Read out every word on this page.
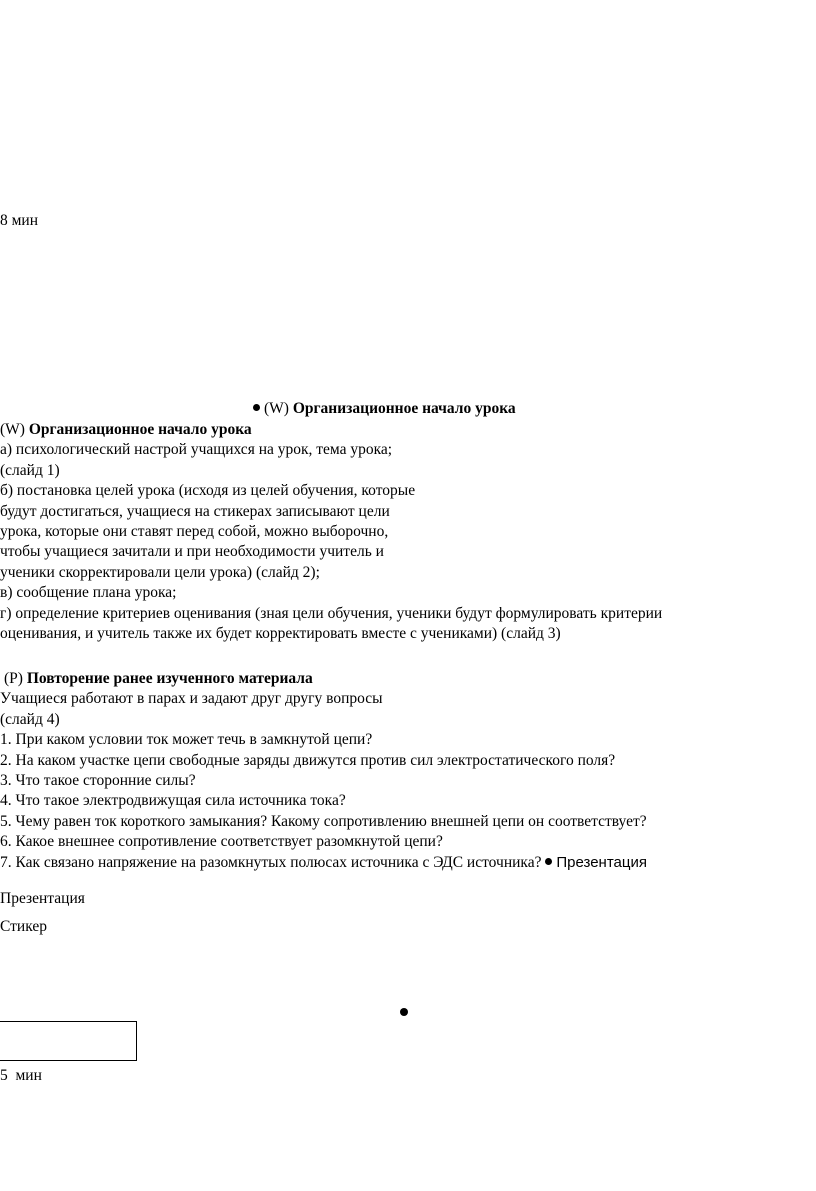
8 мин
(W) Организационное начало урока
(W) Организационное начало урока
а) психологический настрой учащихся на урок, тема урока;
(слайд 1)
б) постановка целей урока (исходя из целей обучения, которые
будут достигаться, учащиеся на стикерах записывают цели
урока, которые они ставят перед собой, можно выборочно,
чтобы учащиеся зачитали и при необходимости учитель и
ученики скорректировали цели урока) (слайд 2);
в) сообщение плана урока;
г) определение критериев оценивания (зная цели обучения, ученики будут формулировать критерии
оценивания, и учитель также их будет корректировать вместе с учениками) (слайд 3)
(P) Повторение ранее изученного материала
Учащиеся работают в парах и задают друг другу вопросы
(слайд 4)
1. При каком условии ток может течь в замкнутой цепи?
2. На каком участке цепи свободные заряды движутся против сил электростатического поля?
3. Что такое сторонние силы?
4. Что такое электродвижущая сила источника тока?
5. Чему равен ток короткого замыкания? Какому сопротивлению внешней цепи он соответствует?
6. Какое внешнее сопротивление соответствует разомкнутой цепи?
7. Как связано напряжение на разомкнутых полюсах источника с ЭДС источника? Презентация
Презентация
Стикер
5  мин
